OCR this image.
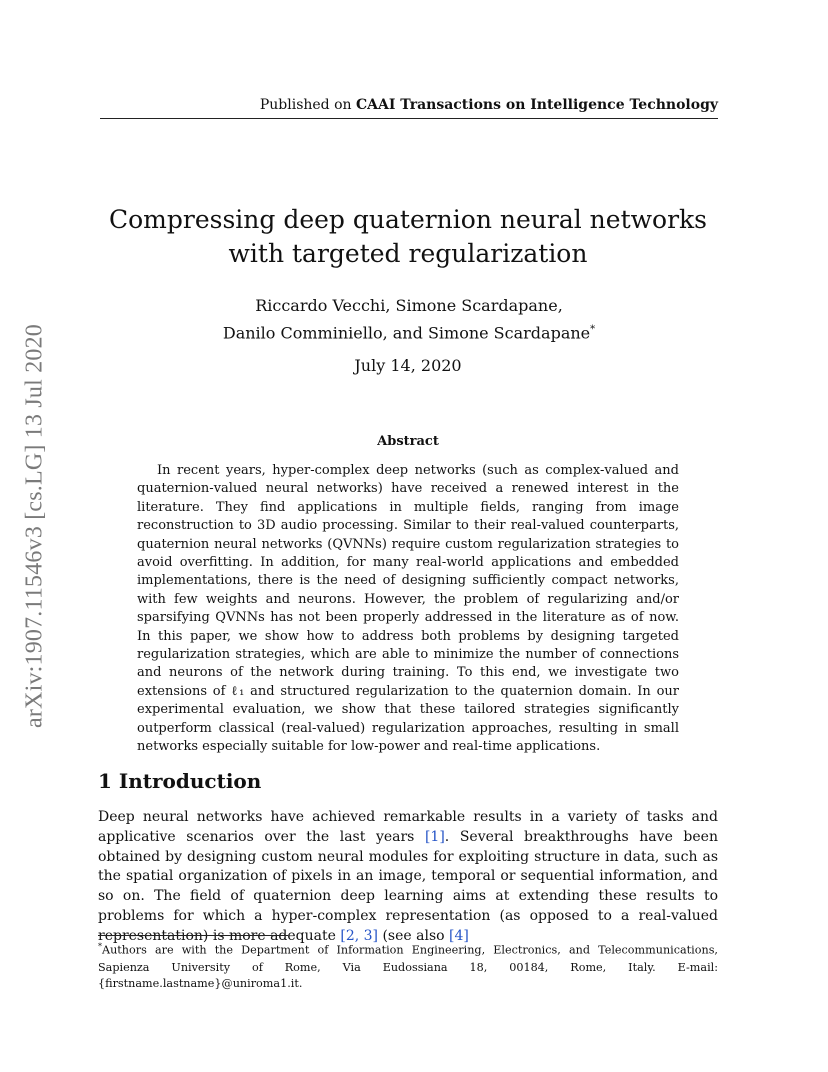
arXiv:1907.11546v3 [cs.LG] 13 Jul 2020
Published on CAAI Transactions on Intelligence Technology
Compressing deep quaternion neural networks with targeted regularization
Riccardo Vecchi, Simone Scardapane,
Danilo Comminiello, and Simone Scardapane*
July 14, 2020
Abstract
In recent years, hyper-complex deep networks (such as complex-valued and quaternion-valued neural networks) have received a renewed interest in the literature. They find applications in multiple fields, ranging from image reconstruction to 3D audio processing. Similar to their real-valued counterparts, quaternion neural networks (QVNNs) require custom regularization strategies to avoid overfitting. In addition, for many real-world applications and embedded implementations, there is the need of designing sufficiently compact networks, with few weights and neurons. However, the problem of regularizing and/or sparsifying QVNNs has not been properly addressed in the literature as of now. In this paper, we show how to address both problems by designing targeted regularization strategies, which are able to minimize the number of connections and neurons of the network during training. To this end, we investigate two extensions of ℓ₁ and structured regularization to the quaternion domain. In our experimental evaluation, we show that these tailored strategies significantly outperform classical (real-valued) regularization approaches, resulting in small networks especially suitable for low-power and real-time applications.
1 Introduction
Deep neural networks have achieved remarkable results in a variety of tasks and applicative scenarios over the last years [1]. Several breakthroughs have been obtained by designing custom neural modules for exploiting structure in data, such as the spatial organization of pixels in an image, temporal or sequential information, and so on. The field of quaternion deep learning aims at extending these results to problems for which a hyper-complex representation (as opposed to a real-valued representation) is more adequate [2, 3] (see also [4]
*Authors are with the Department of Information Engineering, Electronics, and Telecommunications, Sapienza University of Rome, Via Eudossiana 18, 00184, Rome, Italy. E-mail: {firstname.lastname}@uniroma1.it.
